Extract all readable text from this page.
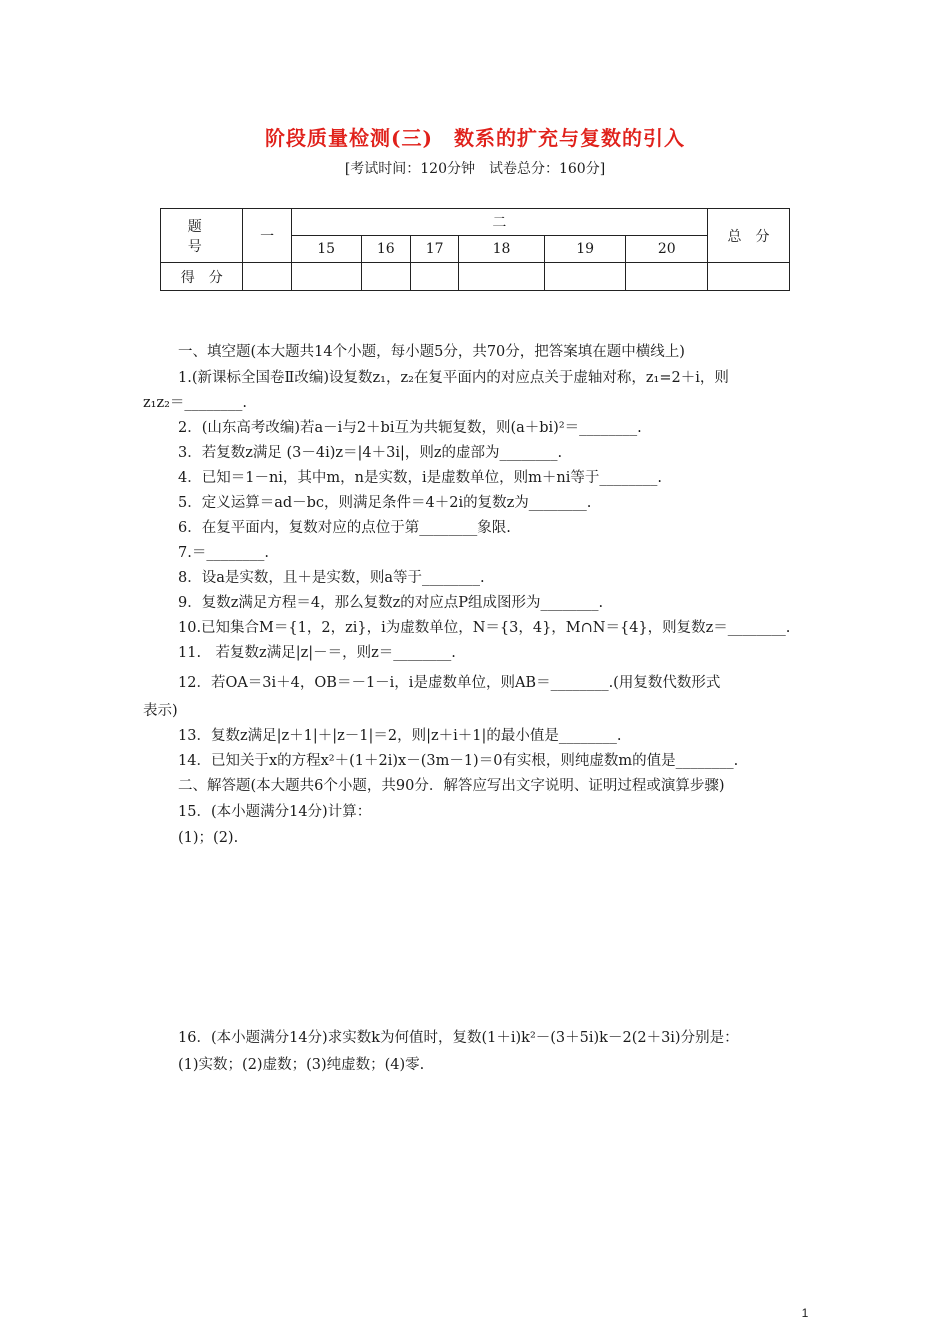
阶段质量检测(三)　数系的扩充与复数的引入
[考试时间：120分钟　试卷总分：160分]
题　号	一	二						总　分
		15	16	17	18	19	20	
得　分								
一、填空题(本大题共14个小题，每小题5分，共70分，把答案填在题中横线上)
1.(新课标全国卷Ⅱ改编)设复数z₁，z₂在复平面内的对应点关于虚轴对称，z₁=2＋i，则
z₁z₂＝________.
2．(山东高考改编)若a－i与2＋bi互为共轭复数，则(a＋bi)²＝________.
3．若复数z满足 (3－4i)z＝|4＋3i|，则z的虚部为________.
4．已知＝1－ni，其中m，n是实数，i是虚数单位，则m＋ni等于________.
5．定义运算＝ad－bc，则满足条件＝4＋2i的复数z为________.
6．在复平面内，复数对应的点位于第________象限.
7.＝________.
8．设a是实数，且＋是实数，则a等于________.
9．复数z满足方程＝4，那么复数z的对应点P组成图形为________.
10.已知集合M＝{1，2，zi}，i为虚数单位，N＝{3，4}，M∩N＝{4}，则复数z＝________.
11.　若复数z满足|z|－＝，则z＝________.
12．若OA＝3i＋4，OB＝－1－i，i是虚数单位，则AB＝________.(用复数代数形式
表示)
13．复数z满足|z＋1|＋|z－1|＝2，则|z＋i＋1|的最小值是________.
14．已知关于x的方程x²＋(1＋2i)x－(3m－1)＝0有实根，则纯虚数m的值是________.
二、解答题(本大题共6个小题，共90分．解答应写出文字说明、证明过程或演算步骤)
15．(本小题满分14分)计算：
(1)；(2).
16．(本小题满分14分)求实数k为何值时，复数(1＋i)k²－(3＋5i)k－2(2＋3i)分别是：
(1)实数；(2)虚数；(3)纯虚数；(4)零.
1
